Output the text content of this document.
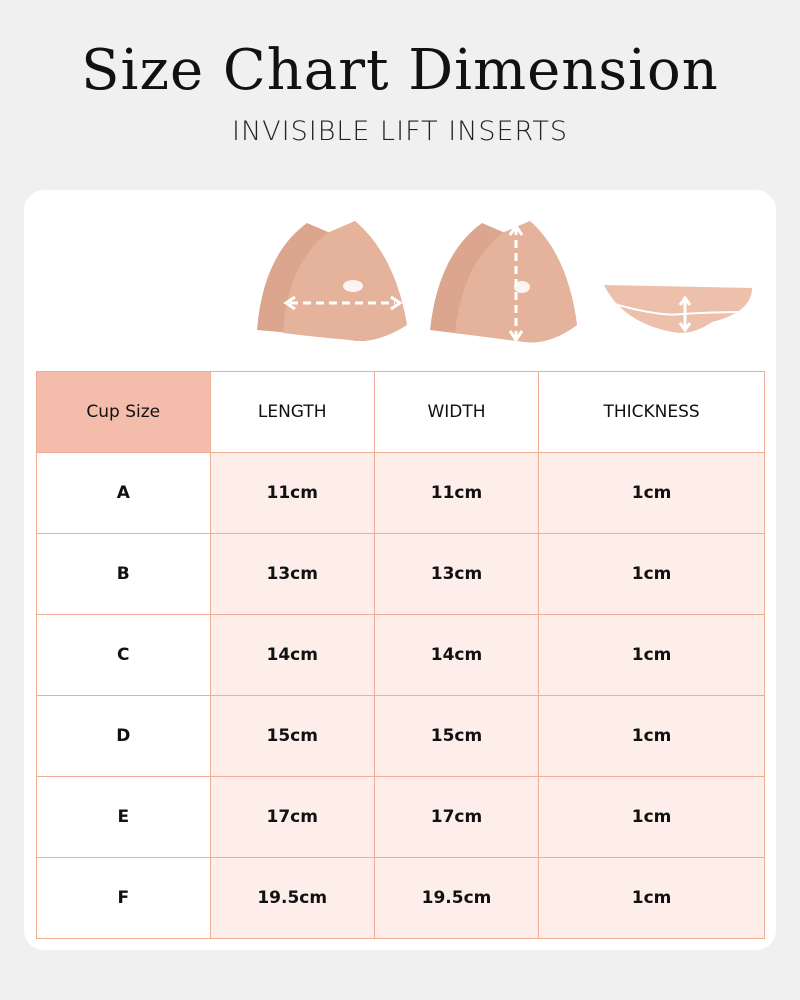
Size Chart Dimension
INVISIBLE LIFT INSERTS
Cup Size	LENGTH	WIDTH	THICKNESS
A	11cm	11cm	1cm
B	13cm	13cm	1cm
C	14cm	14cm	1cm
D	15cm	15cm	1cm
E	17cm	17cm	1cm
F	19.5cm	19.5cm	1cm
